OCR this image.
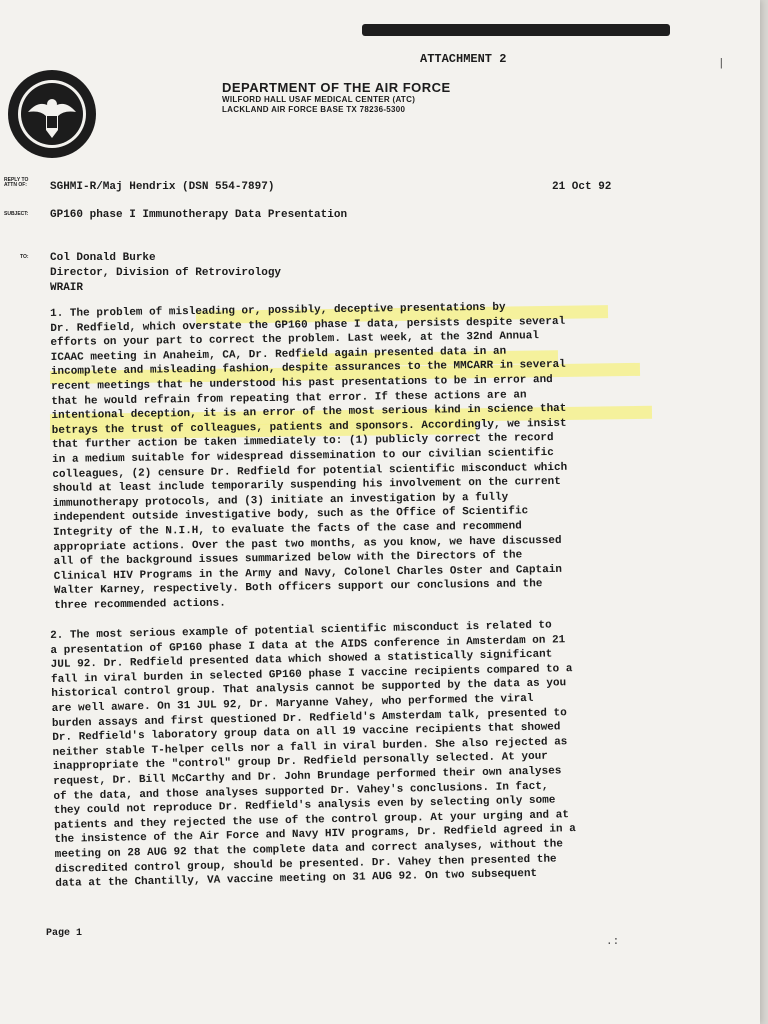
ATTACHMENT 2
DEPARTMENT OF THE AIR FORCE
WILFORD HALL USAF MEDICAL CENTER (ATC)
LACKLAND AIR FORCE BASE TX 78236-5300
REPLY TO ATTN OF:
SUBJECT:
TO:
SGHMI-R/Maj Hendrix (DSN 554-7897)	21 Oct 92
GP160 phase I Immunotherapy Data Presentation
Col Donald Burke
Director, Division of Retrovirology
WRAIR
1. The problem of misleading or, possibly, deceptive presentations by
Dr. Redfield, which overstate the GP160 phase I data, persists despite several
efforts on your part to correct the problem. Last week, at the 32nd Annual
ICAAC meeting in Anaheim, CA, Dr. Redfield again presented data in an
incomplete and misleading fashion, despite assurances to the MMCARR in several
recent meetings that he understood his past presentations to be in error and
that he would refrain from repeating that error. If these actions are an
intentional deception, it is an error of the most serious kind in science that
betrays the trust of colleagues, patients and sponsors. Accordingly, we insist
that further action be taken immediately to: (1) publicly correct the record
in a medium suitable for widespread dissemination to our civilian scientific
colleagues, (2) censure Dr. Redfield for potential scientific misconduct which
should at least include temporarily suspending his involvement on the current
immunotherapy protocols, and (3) initiate an investigation by a fully
independent outside investigative body, such as the Office of Scientific
Integrity of the N.I.H, to evaluate the facts of the case and recommend
appropriate actions. Over the past two months, as you know, we have discussed
all of the background issues summarized below with the Directors of the
Clinical HIV Programs in the Army and Navy, Colonel Charles Oster and Captain
Walter Karney, respectively. Both officers support our conclusions and the
three recommended actions.
2. The most serious example of potential scientific misconduct is related to
a presentation of GP160 phase I data at the AIDS conference in Amsterdam on 21
JUL 92. Dr. Redfield presented data which showed a statistically significant
fall in viral burden in selected GP160 phase I vaccine recipients compared to a
historical control group. That analysis cannot be supported by the data as you
are well aware. On 31 JUL 92, Dr. Maryanne Vahey, who performed the viral
burden assays and first questioned Dr. Redfield's Amsterdam talk, presented to
Dr. Redfield's laboratory group data on all 19 vaccine recipients that showed
neither stable T-helper cells nor a fall in viral burden. She also rejected as
inappropriate the "control" group Dr. Redfield personally selected. At your
request, Dr. Bill McCarthy and Dr. John Brundage performed their own analyses
of the data, and those analyses supported Dr. Vahey's conclusions. In fact,
they could not reproduce Dr. Redfield's analysis even by selecting only some
patients and they rejected the use of the control group. At your urging and at
the insistence of the Air Force and Navy HIV programs, Dr. Redfield agreed in a
meeting on 28 AUG 92 that the complete data and correct analyses, without the
discredited control group, should be presented. Dr. Vahey then presented the
data at the Chantilly, VA vaccine meeting on 31 AUG 92. On two subsequent
Page 1
|
.:
